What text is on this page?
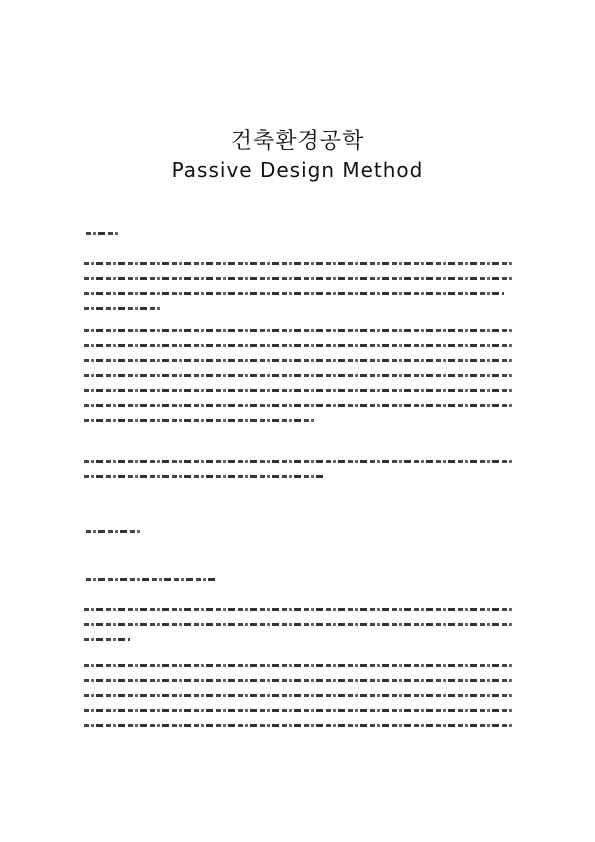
건축환경공학
Passive Design Method
